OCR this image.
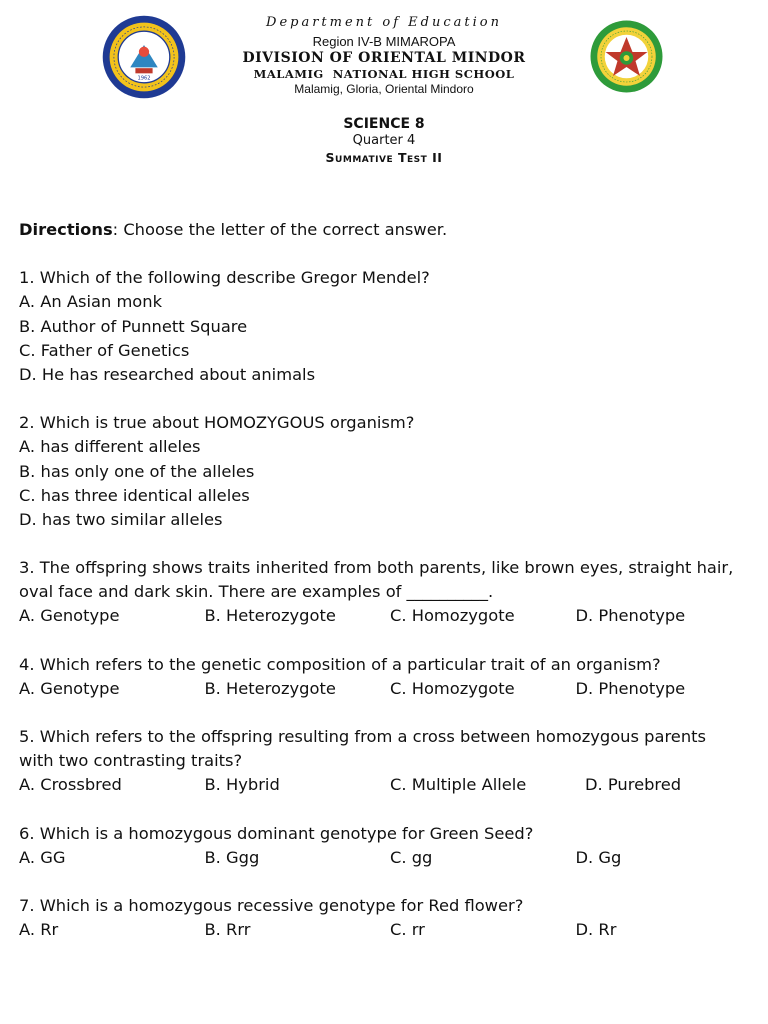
1962
Department of Education
Region IV-B MIMAROPA
DIVISION OF ORIENTAL MINDOR
MALAMIG  NATIONAL HIGH SCHOOL
Malamig, Gloria, Oriental Mindoro
SCIENCE 8
Quarter 4
Summative Test II
Directions: Choose the letter of the correct answer.
1. Which of the following describe Gregor Mendel?
A. An Asian monk
B. Author of Punnett Square
C. Father of Genetics
D. He has researched about animals
2. Which is true about HOMOZYGOUS organism?
A. has different alleles
B. has only one of the alleles
C. has three identical alleles
D. has two similar alleles
3. The offspring shows traits inherited from both parents, like brown eyes, straight hair,
oval face and dark skin. There are examples of __________.
A. Genotype	B. Heterozygote	C. Homozygote	D. Phenotype
4. Which refers to the genetic composition of a particular trait of an organism?
A. Genotype	B. Heterozygote	C. Homozygote	D. Phenotype
5. Which refers to the offspring resulting from a cross between homozygous parents
with two contrasting traits?
A. Crossbred	B. Hybrid	C. Multiple Allele	D. Purebred
6. Which is a homozygous dominant genotype for Green Seed?
A. GG	B. Ggg	C. gg	D. Gg
7. Which is a homozygous recessive genotype for Red flower?
A. Rr	B. Rrr	C. rr	D. Rr
